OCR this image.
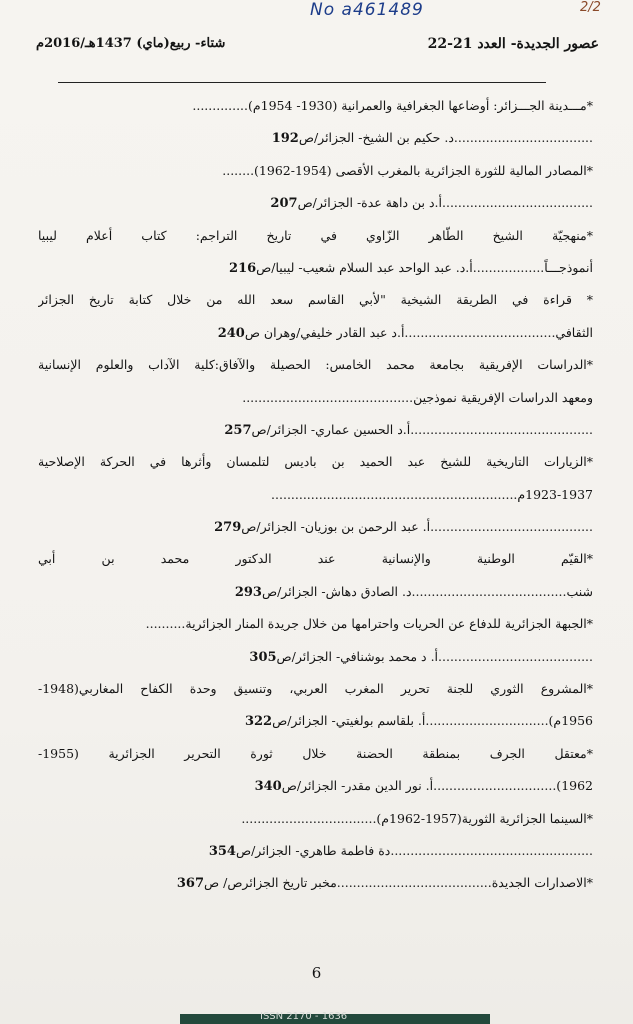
No a461489	2/2
عصور الجديدة- العدد 21-22
شتاء- ربيع(ماي) 1437هـ/2016م
*مـــدينة الجـــزائر: أوضاعها الجغرافية والعمرانية (1930- 1954م)..............
...................................د. حكيم بن الشيخ- الجزائر/ص192
*المصادر المالية للثورة الجزائرية بالمغرب الأقصى (1954-1962)........
......................................أ.د بن داهة عدة- الجزائر/ص207
*منهجيّة الشيخ الطّاهر الزّاوي في تاريخ التراجم: كتاب أعلام ليبيا
أنموذجـــاً..................أ.د. عبد الواحد عبد السلام شعيب- ليبيا/ص216
* قراءة في الطريقة الشيخية "لأبي القاسم سعد الله من خلال كتابة تاريخ الجزائر
الثقافي......................................أ.د عبد القادر خليفي/وهران ص240
*الدراسات الإفريقية بجامعة محمد الخامس: الحصيلة والآفاق:كلية الآداب والعلوم الإنسانية
ومعهد الدراسات الإفريقية نموذجين...........................................
..............................................أ.د الحسين عماري- الجزائر/ص257
*الزيارات التاريخية للشيخ عبد الحميد بن باديس لتلمسان وأثرها في الحركة الإصلاحية
1923-1937م..............................................................
.........................................أ. عبد الرحمن بن بوزيان- الجزائر/ص279
*القيّم الوطنية والإنسانية عند الدكتور محمد بن أبي
شنب.......................................د. الصادق دهاش- الجزائر/ص293
*الجبهة الجزائرية للدفاع عن الحريات واحترامها من خلال جريدة المنار الجزائرية..........
.......................................أ. د محمد بوشنافي- الجزائر/ص305
*المشروع الثوري للجنة تحرير المغرب العربي، وتنسيق وحدة الكفاح المغاربي(1948-
1956م)...............................أ. بلقاسم بولغيتي- الجزائر/ص322
*معتقل الجرف بمنطقة الحضنة خلال ثورة التحرير الجزائرية (1955-
1962)...............................أ. نور الدين مقدر- الجزائر/ص340
*السينما الجزائرية الثورية(1957-1962م)..................................
...................................................دة فاطمة طاهري- الجزائر/ص354
*الاصدارات الجديدة.......................................مخبر تاريخ الجزائرص/ ص367
6
ISSN 2170 - 1636
